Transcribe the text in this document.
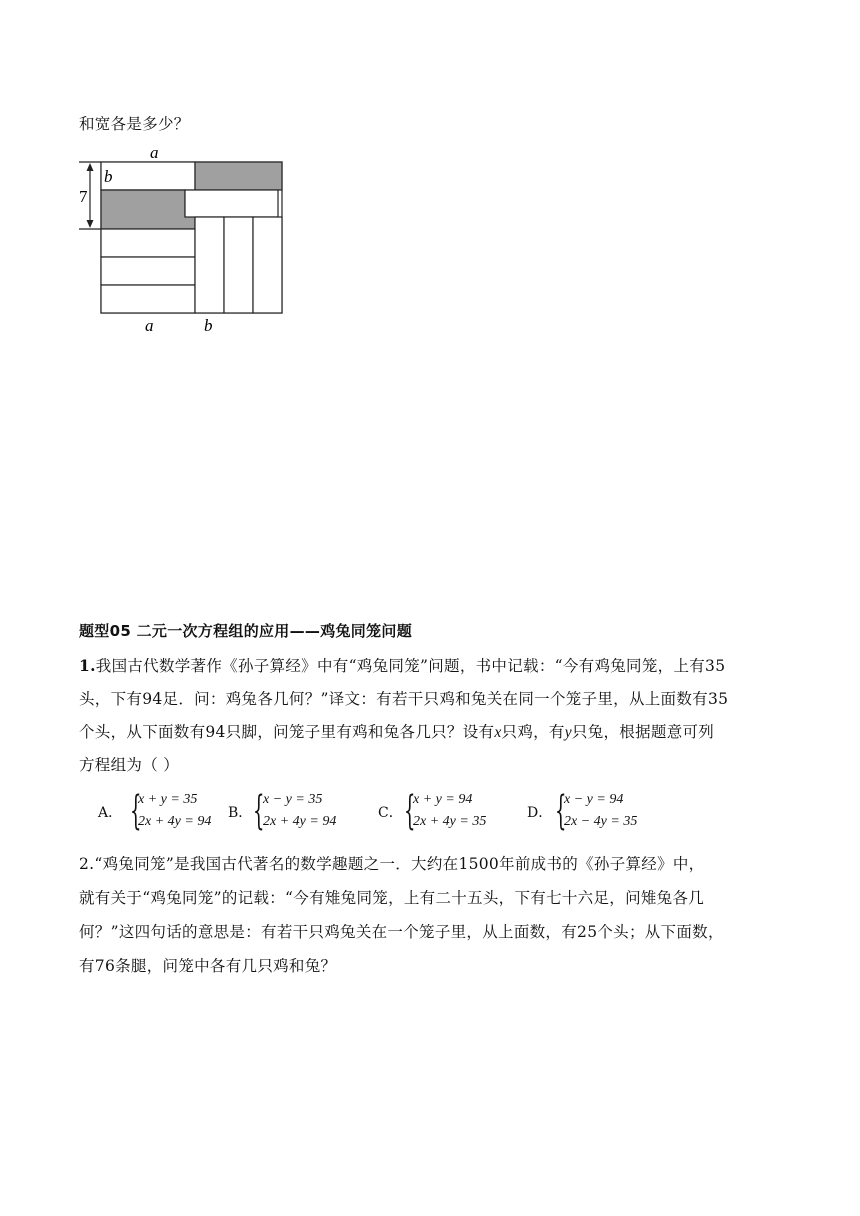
和宽各是多少？
a
b
7
a	b
题型05 二元一次方程组的应用——鸡兔同笼问题
1.我国古代数学著作《孙子算经》中有“鸡兔同笼”问题，书中记载：“今有鸡兔同笼，上有35
头，下有94足．问：鸡兔各几何？”译文：有若干只鸡和兔关在同一个笼子里，从上面数有35
个头，从下面数有94只脚，问笼子里有鸡和兔各几只？设有x只鸡，有y只兔，根据题意可列
方程组为（ ）
A． {
x + y = 35
2x + 4y = 94
B． {
x − y = 35
2x + 4y = 94
C． {
x + y = 94
2x + 4y = 35
D． {
x − y = 94
2x − 4y = 35
2.“鸡兔同笼”是我国古代著名的数学趣题之一．大约在1500年前成书的《孙子算经》中，
就有关于“鸡兔同笼”的记载：“今有雉兔同笼，上有二十五头，下有七十六足，问雉兔各几
何？”这四句话的意思是：有若干只鸡兔关在一个笼子里，从上面数，有25个头；从下面数，
有76条腿，问笼中各有几只鸡和兔？
